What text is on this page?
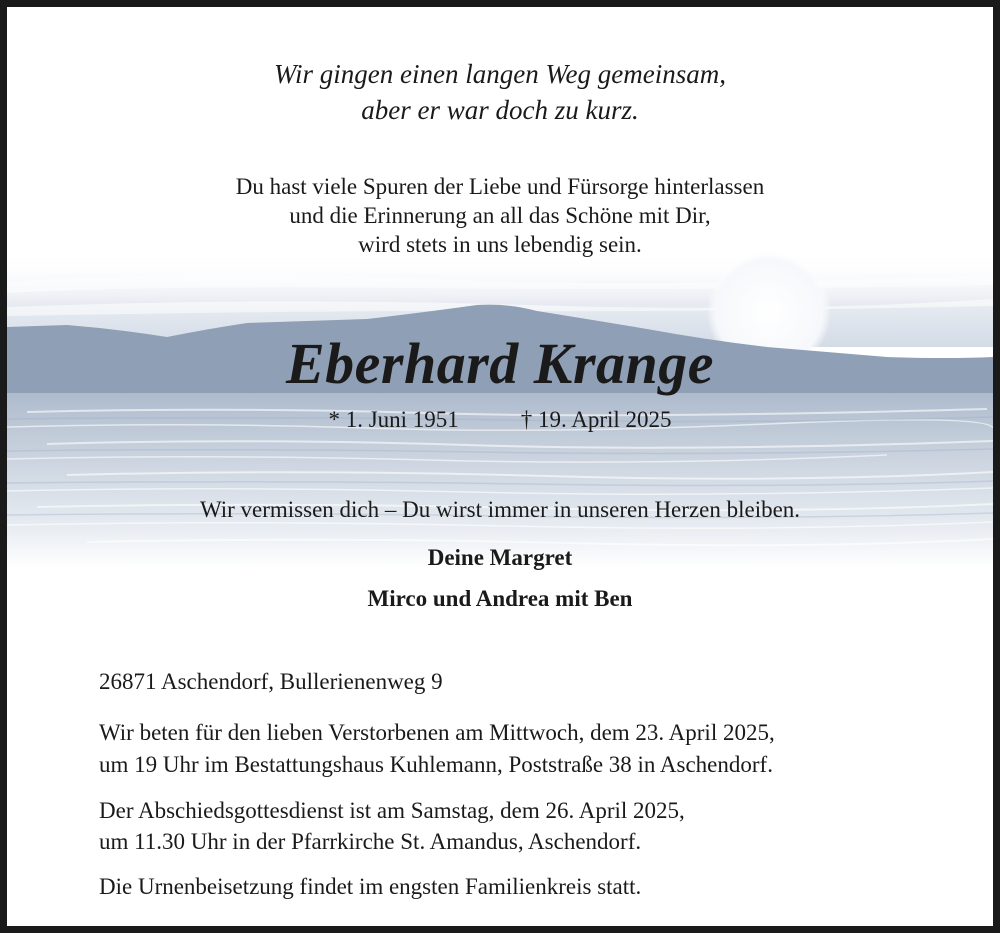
Wir gingen einen langen Weg gemeinsam,
aber er war doch zu kurz.
Du hast viele Spuren der Liebe und Fürsorge hinterlassen
und die Erinnerung an all das Schöne mit Dir,
wird stets in uns lebendig sein.
Eberhard Krange
* 1. Juni 1951	† 19. April 2025
Wir vermissen dich – Du wirst immer in unseren Herzen bleiben.
Deine Margret
Mirco und Andrea mit Ben
26871 Aschendorf, Bullerienenweg 9
Wir beten für den lieben Verstorbenen am Mittwoch, dem 23. April 2025,
um 19 Uhr im Bestattungshaus Kuhlemann, Poststraße 38 in Aschendorf.
Der Abschiedsgottesdienst ist am Samstag, dem 26. April 2025,
um 11.30 Uhr in der Pfarrkirche St. Amandus, Aschendorf.
Die Urnenbeisetzung findet im engsten Familienkreis statt.
